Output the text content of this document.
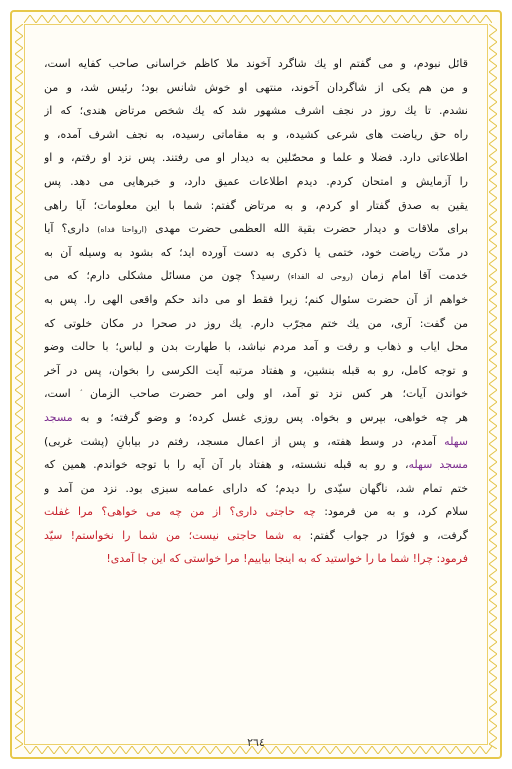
قائل نبودم، و می گفتم او یك شاگرد آخوند ملا كاظم خراسانی صاحب كفایه است،
و من هم یكی از شاگردان آخوند، منتهی او خوش شانس بود؛ رئیس شد، و من
نشدم. تا یك روز در نجف اشرف مشهور شد كه یك شخص مرتاض هندی؛ كه از
راه حق ریاضت های شرعی كشیده، و به مقاماتی رسیده، به نجف اشرف آمده، و
اطلاعاتی دارد. فضلا و علما و محصّلین به دیدار او می رفتند. پس نزد او رفتم، و او
را آزمایش و امتحان كردم. دیدم اطلاعات عمیق دارد، و خبرهایی می دهد. پس
یقین به صدق گفتار او كردم، و به مرتاض گفتم: شما با این معلومات؛ آیا راهی
برای ملاقات و دیدار حضرت بقیة الله العظمی حضرت مهدی (ارواحنا فداه) داری؟ آیا
در مدّت ریاضت خود، ختمی یا ذكری به دست آورده اید؛ كه بشود به وسیله آن به
خدمت آقا امام زمان (روحی له الفداء) رسید؟ چون من مسائل مشكلی دارم؛ كه می
خواهم از آن حضرت سئوال كنم؛ زیرا فقط او می داند حكم واقعی الهی را. پس به
من گفت: آری، من یك ختم مجرّب دارم. یك روز در صحرا در مكان خلوتی كه
محل ایاب و ذهاب و رفت و آمد مردم نباشد، با طهارت بدن و لباس؛ با حالت وضو
و توجه كامل، رو به قبله بنشین، و هفتاد مرتبه آیت الكرسی را بخوان، پس در آخر
خواندن آیات؛ هر كس نزد تو آمد، او ولی امر حضرت صاحب الزمان است،
هر چه خواهی، بپرس و بخواه. پس روزی غسل كرده؛ و وضو گرفته؛ و به مسجد
سهله آمدم، در وسط هفته، و پس از اعمال مسجد، رفتم در بیابانِ (پشت غربی)
مسجد سهله، و رو به قبله نشسته، و هفتاد بار آن آیه را با توجه خواندم. همین كه
ختم تمام شد، ناگهان سیّدی را دیدم؛ كه دارای عمامه سبزی بود. نزد من آمد و
سلام كرد، و به من فرمود: چه حاجتی داری؟ از من چه می خواهی؟ مرا غفلت
گرفت، و فورًا در جواب گفتم: به شما حاجتی نیست؛ من شما را نخواستم! سیّد
فرمود: چرا! شما ما را خواستید كه به اینجا بیاییم! مرا خواستی كه این جا آمدی!
٢٦٤
